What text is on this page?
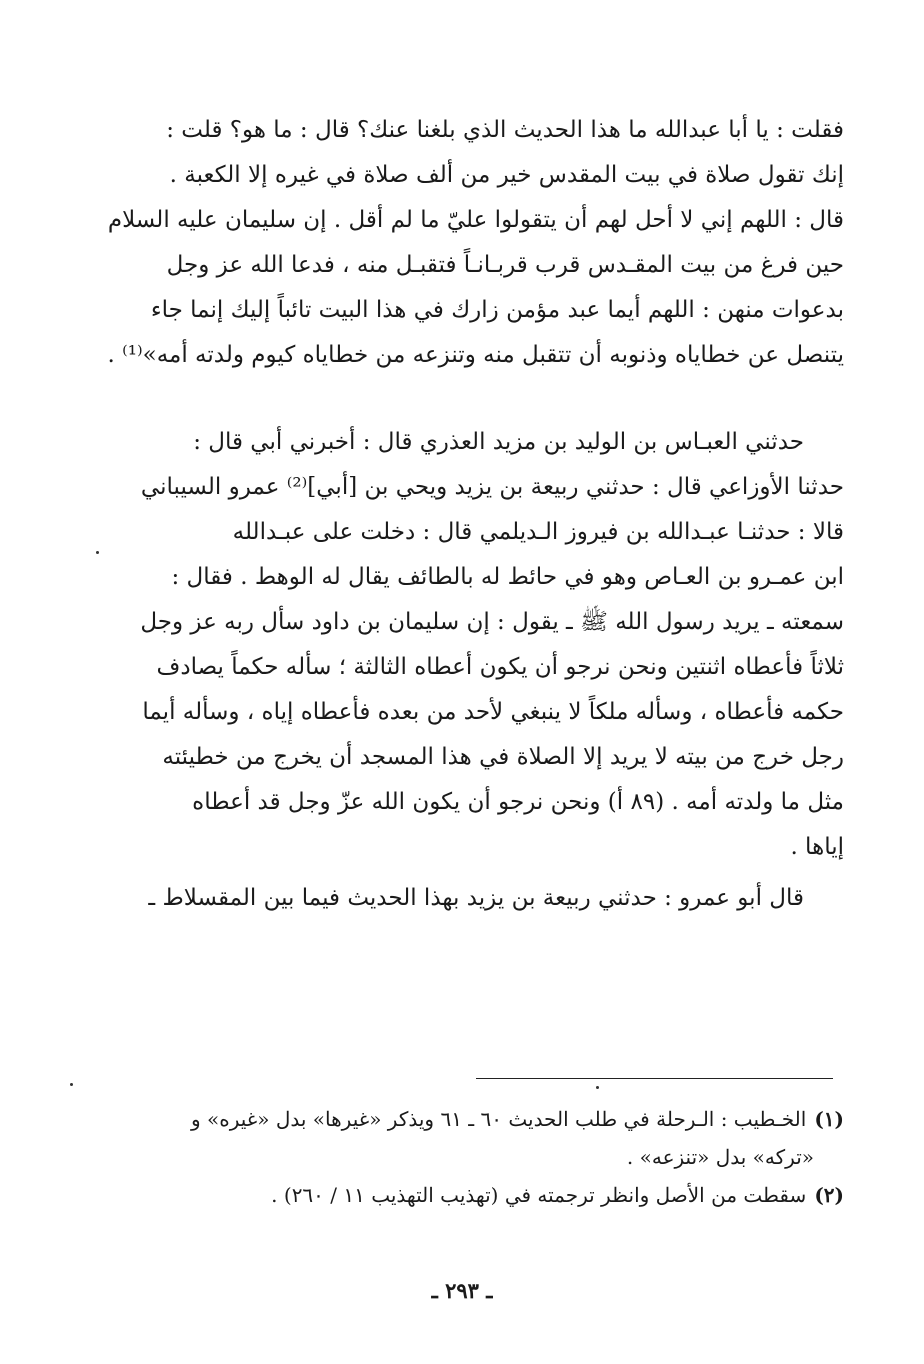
فقلت : يا أبا عبدالله ما هذا الحديث الذي بلغنا عنك؟ قال : ما هو؟ قلت :
إنك تقول صلاة في بيت المقدس خير من ألف صلاة في غيره إلا الكعبة .
قال : اللهم إني لا أحل لهم أن يتقولوا عليّ ما لم أقل . إن سليمان عليه السلام
حين فرغ من بيت المقـدس قرب قربـانـاً فتقبـل منه ، فدعا الله عز وجل
بدعوات منهن : اللهم أيما عبد مؤمن زارك في هذا البيت تائباً إليك إنما جاء
يتنصل عن خطاياه وذنوبه أن تتقبل منه وتنزعه من خطاياه كيوم ولدته أمه»⁽¹⁾ .
حدثني العبـاس بن الوليد بن مزيد العذري قال : أخبرني أبي قال :
حدثنا الأوزاعي قال : حدثني ربيعة بن يزيد ويحي بن [أبي]⁽²⁾ عمرو السيباني
قالا : حدثنـا عبـدالله بن فيروز الـديلمي قال : دخلت على عبـدالله
ابن عمـرو بن العـاص وهو في حائط له بالطائف يقال له الوهط . فقال :
سمعته ـ يريد رسول الله ﷺ ـ يقول : إن سليمان بن داود سأل ربه عز وجل
ثلاثاً فأعطاه اثنتين ونحن نرجو أن يكون أعطاه الثالثة ؛ سأله حكماً يصادف
حكمه فأعطاه ، وسأله ملكاً لا ينبغي لأحد من بعده فأعطاه إياه ، وسأله أيما
رجل خرج من بيته لا يريد إلا الصلاة في هذا المسجد أن يخرج من خطيئته
مثل ما ولدته أمه . (٨٩ أ) ونحن نرجو أن يكون الله عزّ وجل قد أعطاه
إياها .
قال أبو عمرو : حدثني ربيعة بن يزيد بهذا الحديث فيما بين المقسلاط ـ
(١)الخـطيب : الـرحلة في طلب الحديث ٦٠ ـ ٦١ ويذكر «غيرها» بدل «غيره» و
«تركه» بدل «تنزعه» .
(٢)سقطت من الأصل وانظر ترجمته في (تهذيب التهذيب ١١ / ٢٦٠) .
ـ ٢٩٣ ـ
